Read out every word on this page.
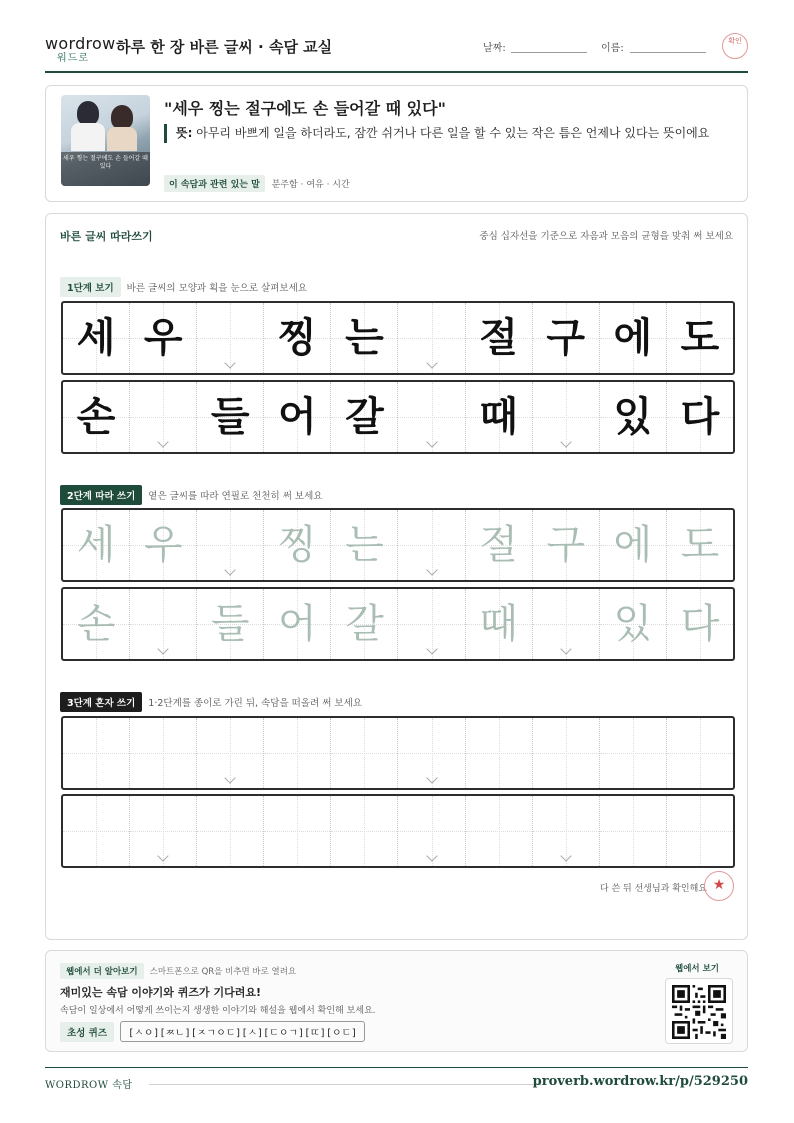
wordrow
워드로
하루 한 장 바른 글씨 · 속담 교실	날짜:	이름:
확인
세우 찡는 절구에도 손 들어갈 때 있다
"세우 찡는 절구에도 손 들어갈 때 있다"
뜻: 아무리 바쁘게 일을 하더라도, 잠깐 쉬거나 다른 일을 할 수 있는 작은 틈은 언제나 있다는 뜻이에요
이 속담과 관련 있는 말 분주함 · 여유 · 시간
바른 글씨 따라쓰기	중심 십자선을 기준으로 자음과 모음의 균형을 맞춰 써 보세요
1단계 보기 바른 글씨의 모양과 획을 눈으로 살펴보세요
세 우 찡 는 절 구 에 도
손 들 어 갈 때 있 다
2단계 따라 쓰기 옅은 글씨를 따라 연필로 천천히 써 보세요
세 우 찡 는 절 구 에 도
손 들 어 갈 때 있 다
3단계 혼자 쓰기 1·2단계를 종이로 가린 뒤, 속담을 떠올려 써 보세요
다 쓴 뒤 선생님과 확인해요 ★
웹에서 더 알아보기 스마트폰으로 QR을 비추면 바로 열려요
재미있는 속담 이야기와 퀴즈가 기다려요!
속담이 일상에서 어떻게 쓰이는지 생생한 이야기와 해설을 웹에서 확인해 보세요.
초성 퀴즈 [ㅅㅇ][ㅉㄴ][ㅈㄱㅇㄷ][ㅅ][ㄷㅇㄱ][ㄸ][ㅇㄷ]
웹에서 보기
WORDROW 속담	proverb.wordrow.kr/p/529250
